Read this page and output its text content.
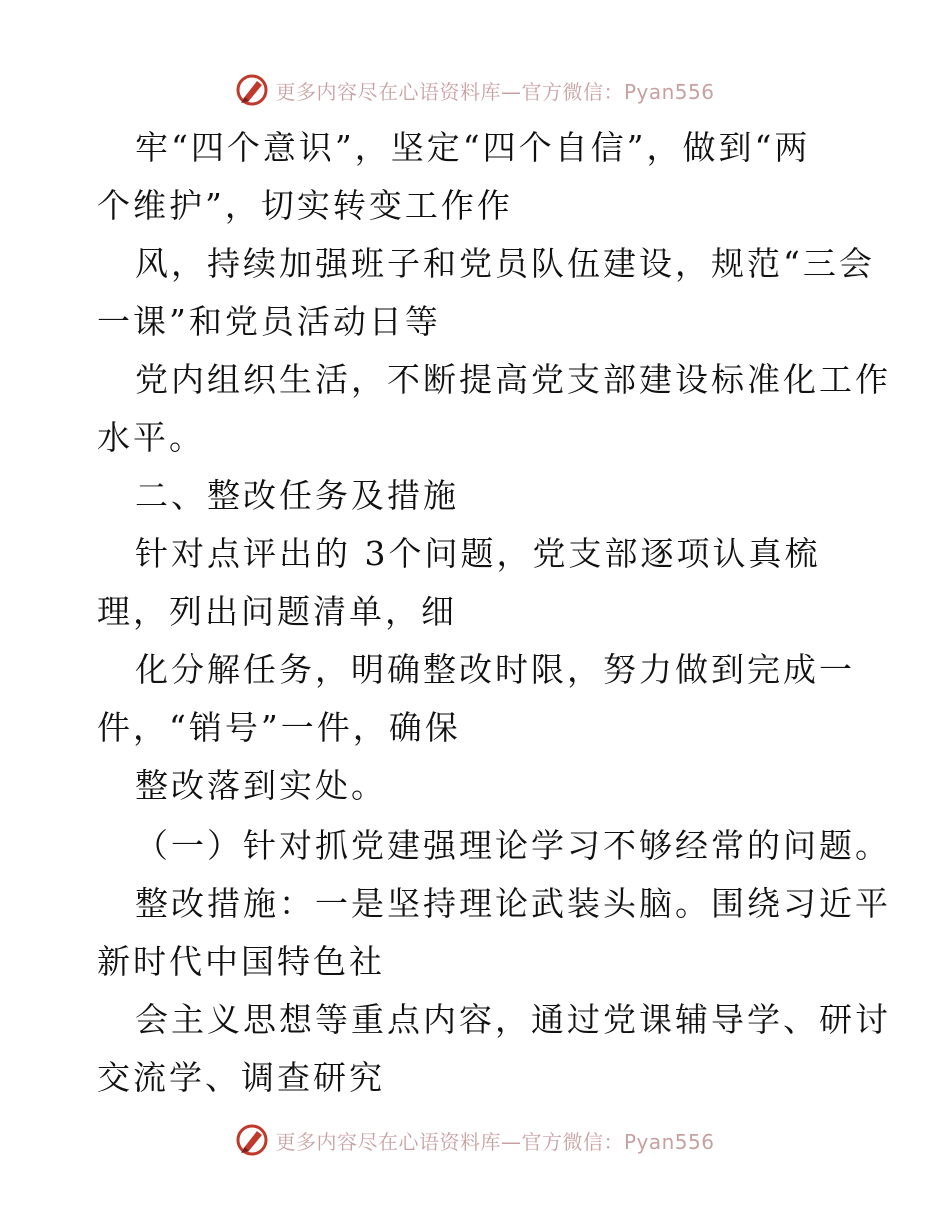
更多内容尽在心语资料库—官方微信：Pyan556
牢“四个意识”，坚定“四个自信”，做到“两
个维护”，切实转变工作作
风，持续加强班子和党员队伍建设，规范“三会
一课”和党员活动日等
党内组织生活，不断提高党支部建设标准化工作
水平。
二、整改任务及措施
针对点评出的 3个问题，党支部逐项认真梳
理，列出问题清单，细
化分解任务，明确整改时限，努力做到完成一
件，“销号”一件，确保
整改落到实处。
（一）针对抓党建强理论学习不够经常的问题。
整改措施：一是坚持理论武装头脑。围绕习近平
新时代中国特色社
会主义思想等重点内容，通过党课辅导学、研讨
交流学、调查研究
更多内容尽在心语资料库—官方微信：Pyan556
